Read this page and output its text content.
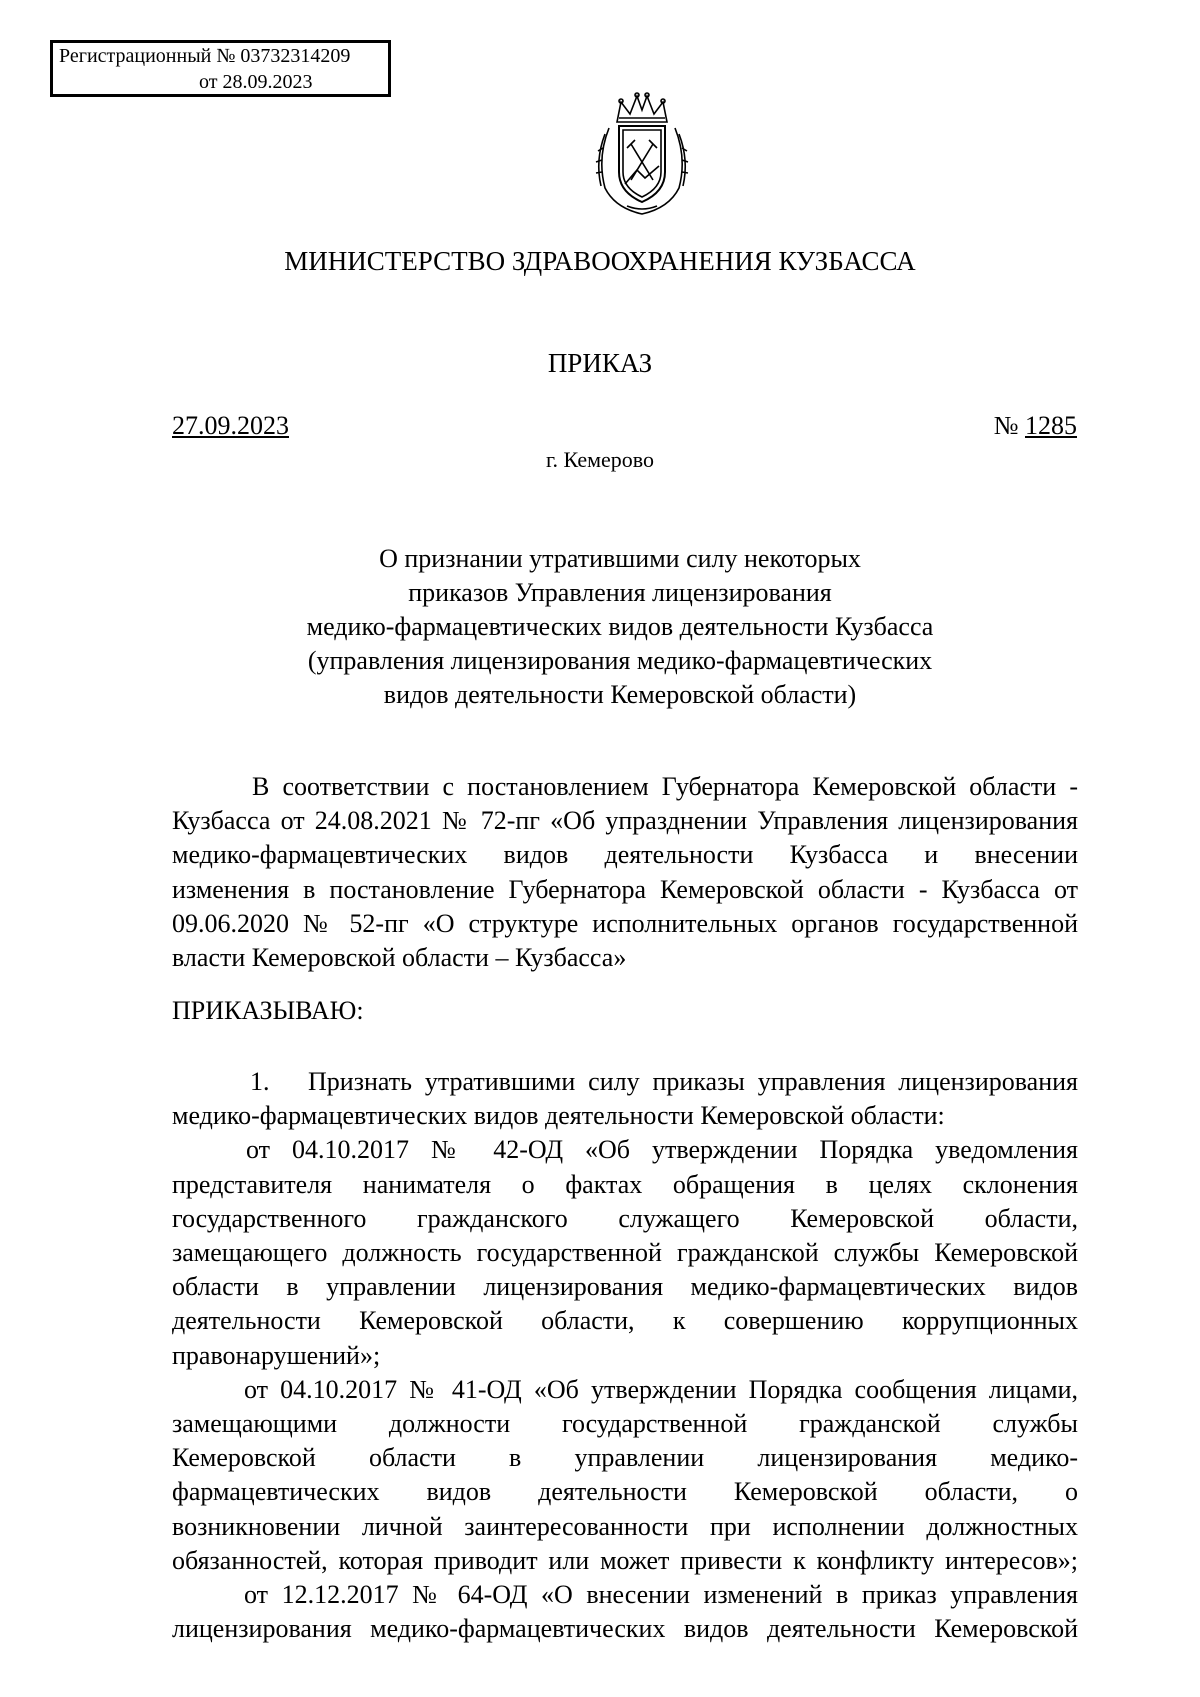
Регистрационный № 03732314209
от 28.09.2023
МИНИСТЕРСТВО ЗДРАВООХРАНЕНИЯ КУЗБАССА
ПРИКАЗ
27.09.2023	№ 1285
г. Кемерово
О признании утратившими силу некоторых
приказов Управления лицензирования
медико-фармацевтических видов деятельности Кузбасса
(управления лицензирования медико-фармацевтических
видов деятельности Кемеровской области)
В соответствии с постановлением Губернатора Кемеровской области -
Кузбасса от 24.08.2021 № 72-пг «Об упразднении Управления лицензирования
медико-фармацевтических видов деятельности Кузбасса и внесении
изменения в постановление Губернатора Кемеровской области - Кузбасса от
09.06.2020 № 52-пг «О структуре исполнительных органов государственной
власти Кемеровской области – Кузбасса»
ПРИКАЗЫВАЮ:
1. Признать утратившими силу приказы управления лицензирования
медико-фармацевтических видов деятельности Кемеровской области:
от 04.10.2017 № 42-ОД «Об утверждении Порядка уведомления
представителя нанимателя о фактах обращения в целях склонения
государственного гражданского служащего Кемеровской области,
замещающего должность государственной гражданской службы Кемеровской
области в управлении лицензирования медико-фармацевтических видов
деятельности Кемеровской области, к совершению коррупционных
правонарушений»;
от 04.10.2017 № 41-ОД «Об утверждении Порядка сообщения лицами,
замещающими должности государственной гражданской службы
Кемеровской области в управлении лицензирования медико-
фармацевтических видов деятельности Кемеровской области, о
возникновении личной заинтересованности при исполнении должностных
обязанностей, которая приводит или может привести к конфликту интересов»;
от 12.12.2017 № 64-ОД «О внесении изменений в приказ управления
лицензирования медико-фармацевтических видов деятельности Кемеровской
